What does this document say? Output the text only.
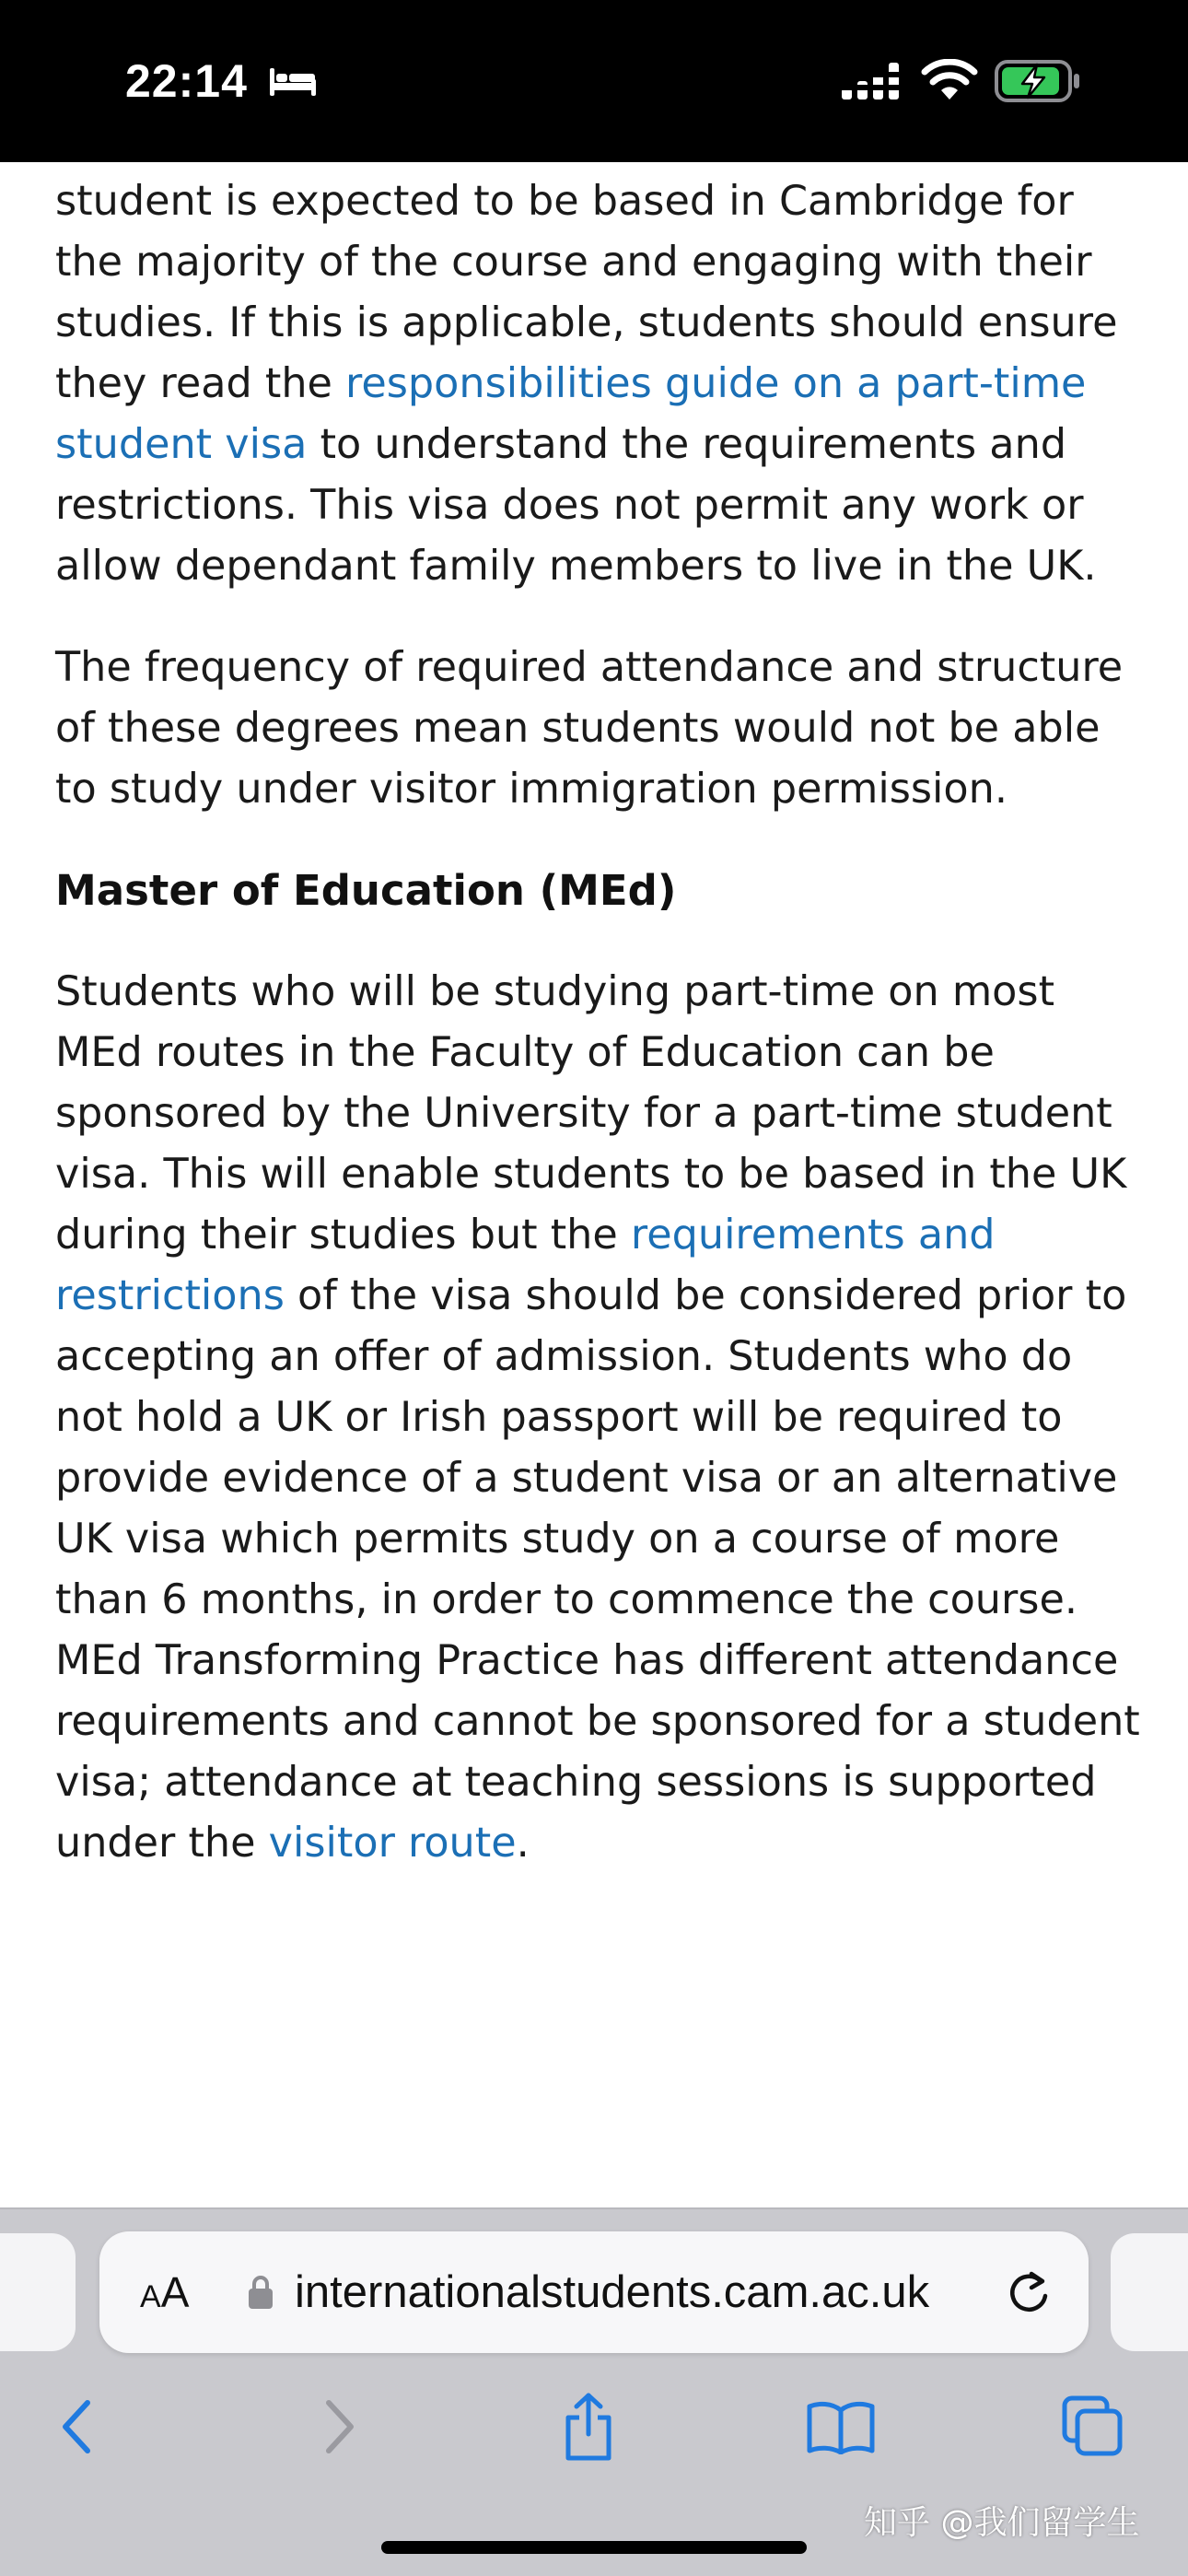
22:14

student is expected to be based in Cambridge for the majority of the course and engaging with their studies. If this is applicable, students should ensure they read the responsibilities guide on a part-time student visa to understand the requirements and restrictions. This visa does not permit any work or allow dependant family members to live in the UK.

The frequency of required attendance and structure of these degrees mean students would not be able to study under visitor immigration permission.

Master of Education (MEd)

Students who will be studying part-time on most MEd routes in the Faculty of Education can be sponsored by the University for a part-time student visa. This will enable students to be based in the UK during their studies but the requirements and restrictions of the visa should be considered prior to accepting an offer of admission. Students who do not hold a UK or Irish passport will be required to provide evidence of a student visa or an alternative UK visa which permits study on a course of more than 6 months, in order to commence the course. MEd Transforming Practice has different attendance requirements and cannot be sponsored for a student visa; attendance at teaching sessions is supported under the visitor route.

AA internationalstudents.cam.ac.uk
知乎 @我们留学生
